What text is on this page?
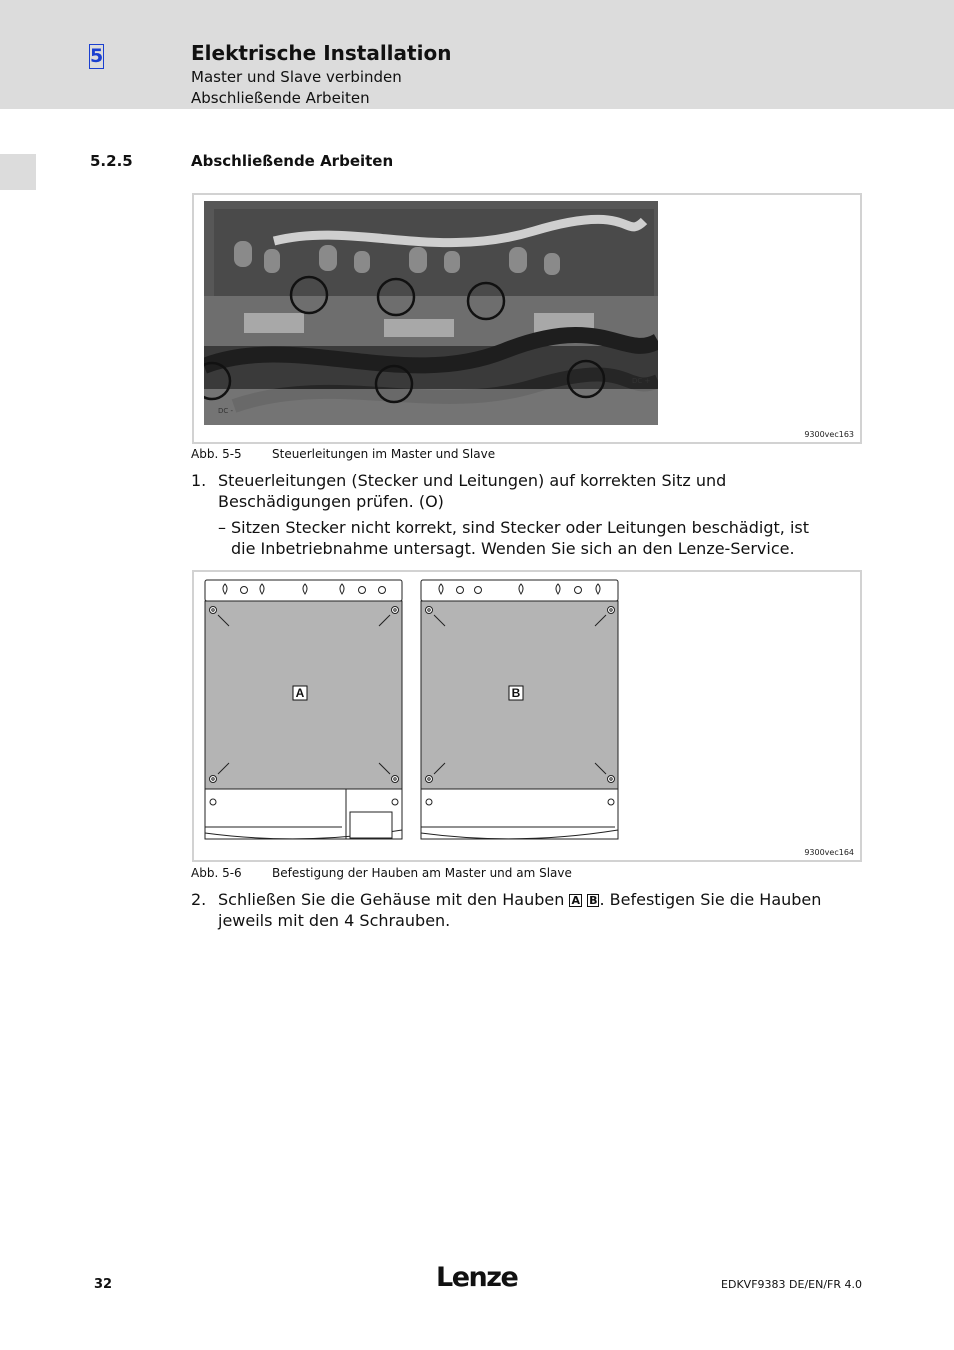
5	Elektrische Installation
Master und Slave verbinden
Abschließende Arbeiten
5.2.5	Abschließende Arbeiten
DC -
DC +
9300vec163
Abb. 5-5	Steuerleitungen im Master und Slave
1. Steuerleitungen (Stecker und Leitungen) auf korrekten Sitz und Beschädigungen prüfen. (O)
– Sitzen Stecker nicht korrekt, sind Stecker oder Leitungen beschädigt, ist die Inbetriebnahme untersagt. Wenden Sie sich an den Lenze-Service.
A	B
9300vec164
Abb. 5-6	Befestigung der Hauben am Master und am Slave
2. Schließen Sie die Gehäuse mit den Hauben A B . Befestigen Sie die Hauben jeweils mit den 4 Schrauben.
32	Lenze	EDKVF9383 DE/EN/FR 4.0
